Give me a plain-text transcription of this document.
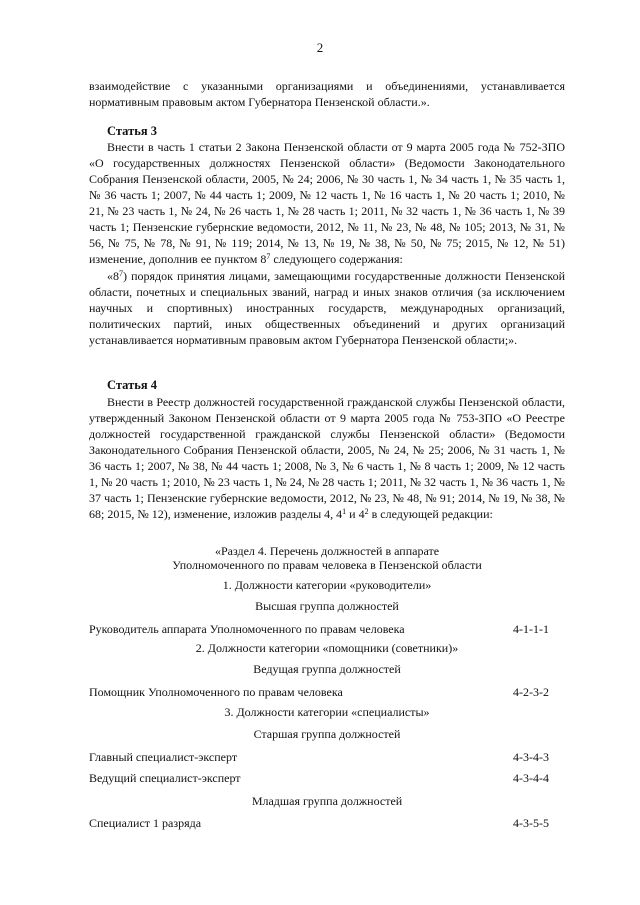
2
взаимодействие с указанными организациями и объединениями, устанавливается
нормативным правовым актом Губернатора Пензенской области.».
Статья 3
Внести в часть 1 статьи 2 Закона Пензенской области от 9 марта 2005 года № 752-ЗПО «О государственных должностях Пензенской области» (Ведомости Законодательного Собрания Пензенской области, 2005, № 24; 2006, № 30 часть 1, № 34 часть 1, № 35 часть 1, № 36 часть 1; 2007, № 44 часть 1; 2009, № 12 часть 1, № 16 часть 1, № 20 часть 1; 2010, № 21, № 23 часть 1, № 24, № 26 часть 1, № 28 часть 1; 2011, № 32 часть 1, № 36 часть 1, № 39 часть 1; Пензенские губернские ведомости, 2012, № 11, № 23, № 48, № 105; 2013, № 31, № 56, № 75, № 78, № 91, № 119; 2014, № 13, № 19, № 38, № 50, № 75; 2015, № 12, № 51) изменение, дополнив ее пунктом $8^7$ следующего содержания:
«$8^7$) порядок принятия лицами, замещающими государственные должности Пензенской области, почетных и специальных званий, наград и иных знаков отличия (за исключением научных и спортивных) иностранных государств, международных организаций, политических партий, иных общественных объединений и других организаций устанавливается нормативным правовым актом Губернатора Пензенской области;».
Статья 4
Внести в Реестр должностей государственной гражданской службы Пензенской области, утвержденный Законом Пензенской области от 9 марта 2005 года № 753-ЗПО «О Реестре должностей государственной гражданской службы Пензенской области» (Ведомости Законодательного Собрания Пензенской области, 2005, № 24, № 25; 2006, № 31 часть 1, № 36 часть 1; 2007, № 38, № 44 часть 1; 2008, № 3, № 6 часть 1, № 8 часть 1; 2009, № 12 часть 1, № 20 часть 1; 2010, № 23 часть 1, № 24, № 28 часть 1; 2011, № 32 часть 1, № 36 часть 1, № 37 часть 1; Пензенские губернские ведомости, 2012, № 23, № 48, № 91; 2014, № 19, № 38, № 68; 2015, № 12), изменение, изложив разделы 4, $4^1$ и $4^2$ в следующей редакции:
«Раздел 4. Перечень должностей в аппарате
Уполномоченного по правам человека в Пензенской области
1. Должности категории «руководители»
Высшая группа должностей
Руководитель аппарата Уполномоченного по правам человека	4-1-1-1
2. Должности категории «помощники (советники)»
Ведущая группа должностей
Помощник Уполномоченного по правам человека	4-2-3-2
3. Должности категории «специалисты»
Старшая группа должностей
Главный специалист-эксперт	4-3-4-3
Ведущий специалист-эксперт	4-3-4-4
Младшая группа должностей
Специалист 1 разряда	4-3-5-5
